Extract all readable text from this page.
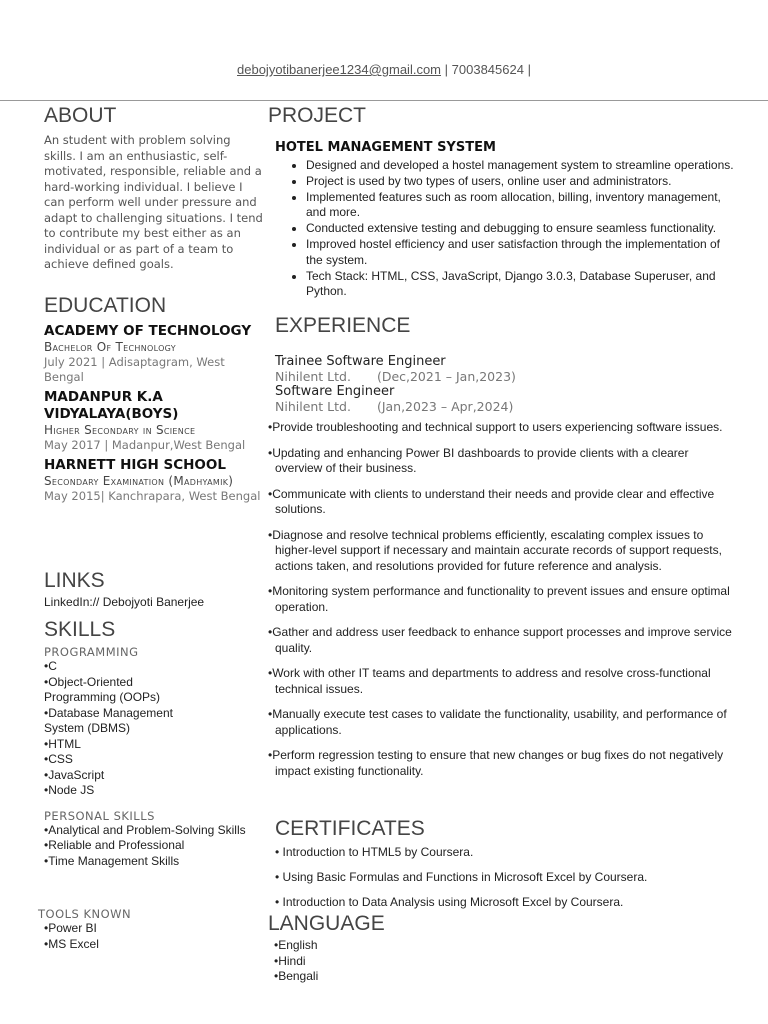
debojyotibanerjee1234@gmail.com | 7003845624 |
ABOUT
An student with problem solving skills. I am an enthusiastic, self-motivated, responsible, reliable and a hard-working individual. I believe I can perform well under pressure and adapt to challenging situations. I tend to contribute my best either as an individual or as part of a team to achieve defined goals.
EDUCATION
ACADEMY OF TECHNOLOGY
Bachelor Of Technology
July 2021 | Adisaptagram, West Bengal
MADANPUR K.A VIDYALAYA(BOYS)
Higher Secondary in Science
May 2017 | Madanpur,West Bengal
HARNETT HIGH SCHOOL
Secondary Examination (Madhyamik)
May 2015| Kanchrapara, West Bengal
LINKS
LinkedIn:// Debojyoti Banerjee
SKILLS
PROGRAMMING
•C
•Object-Oriented Programming (OOPs)
•Database Management System (DBMS)
•HTML
•CSS
•JavaScript
•Node JS
PERSONAL SKILLS
•Analytical and Problem-Solving Skills
•Reliable and Professional
•Time Management Skills
TOOLS KNOWN
•Power BI
•MS Excel
PROJECT
HOTEL MANAGEMENT SYSTEM
• Designed and developed a hostel management system to streamline operations.
• Project is used by two types of users, online user and administrators.
• Implemented features such as room allocation, billing, inventory management, and more.
• Conducted extensive testing and debugging to ensure seamless functionality.
• Improved hostel efficiency and user satisfaction through the implementation of the system.
• Tech Stack: HTML, CSS, JavaScript, Django 3.0.3, Database Superuser, and Python.
EXPERIENCE
Trainee Software Engineer
Nihilent Ltd. (Dec,2021 – Jan,2023)
Software Engineer
Nihilent Ltd. (Jan,2023 – Apr,2024)
•Provide troubleshooting and technical support to users experiencing software issues.
•Updating and enhancing Power BI dashboards to provide clients with a clearer overview of their business.
•Communicate with clients to understand their needs and provide clear and effective solutions.
•Diagnose and resolve technical problems efficiently, escalating complex issues to higher-level support if necessary and maintain accurate records of support requests, actions taken, and resolutions provided for future reference and analysis.
•Monitoring system performance and functionality to prevent issues and ensure optimal operation.
•Gather and address user feedback to enhance support processes and improve service quality.
•Work with other IT teams and departments to address and resolve cross-functional technical issues.
•Manually execute test cases to validate the functionality, usability, and performance of applications.
•Perform regression testing to ensure that new changes or bug fixes do not negatively impact existing functionality.
CERTIFICATES
• Introduction to HTML5 by Coursera.
• Using Basic Formulas and Functions in Microsoft Excel by Coursera.
• Introduction to Data Analysis using Microsoft Excel by Coursera.
LANGUAGE
•English
•Hindi
•Bengali
